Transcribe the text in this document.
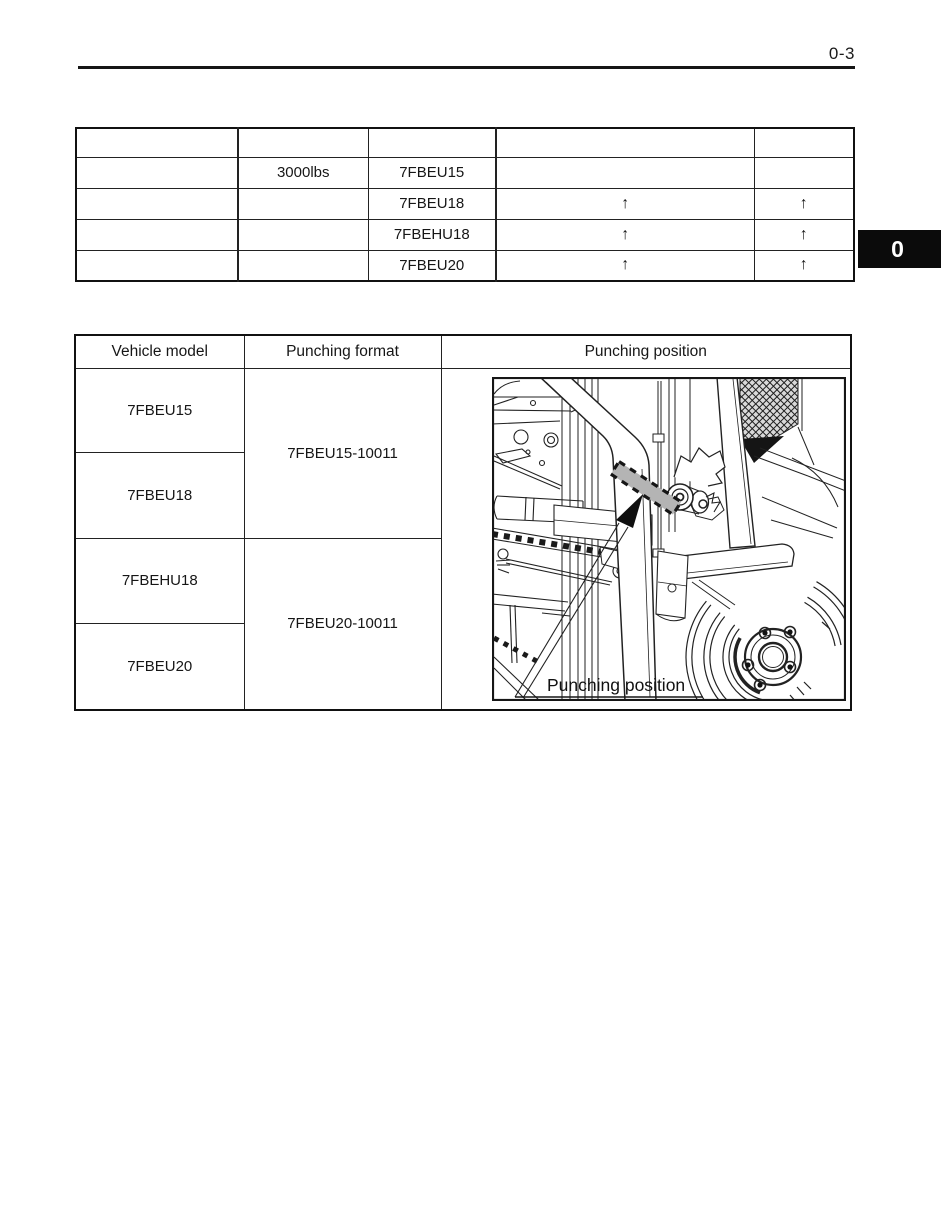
0-3
0

	3000lbs	7FBEU15		
		7FBEU18	↑	↑
		7FBEHU18	↑	↑
		7FBEU20	↑	↑
Vehicle model	Punching format	Punching position
7FBEU15	7FBEU15-10011	Punching position

7FBEU18		
7FBEHU18	7FBEU20-10011	
7FBEU20		
